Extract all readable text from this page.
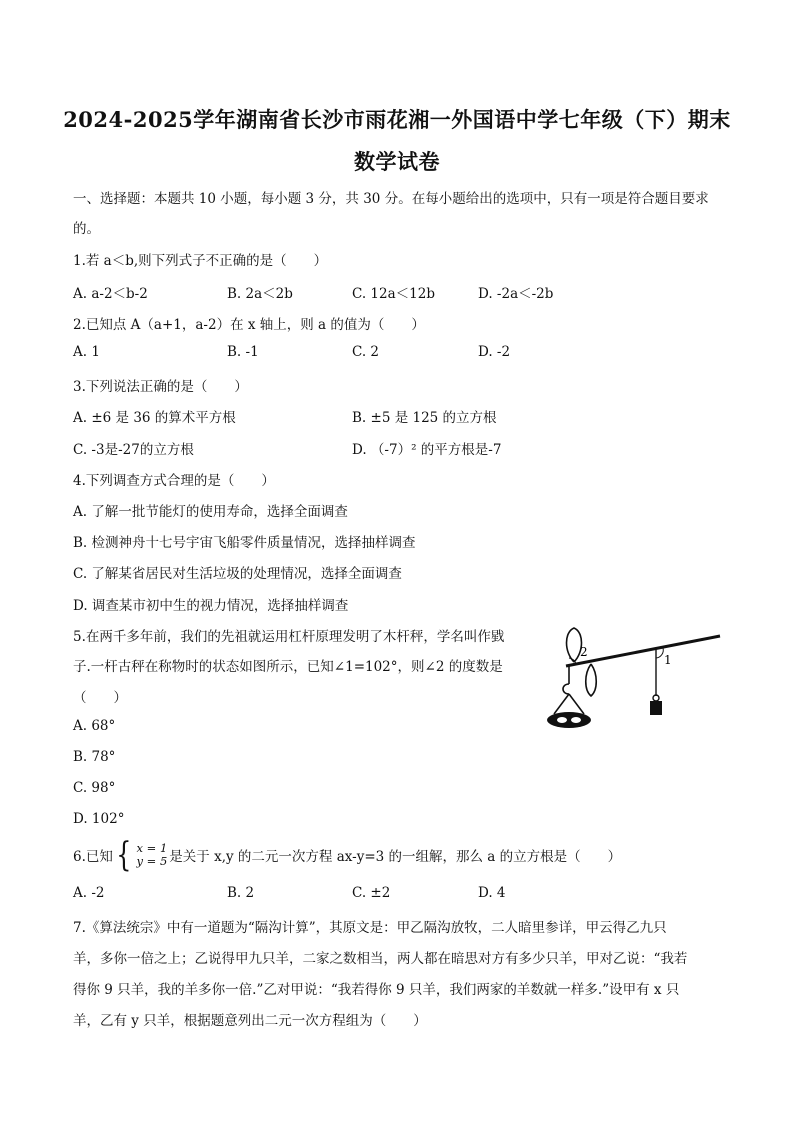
2024-2025学年湖南省长沙市雨花湘一外国语中学七年级（下）期末
数学试卷
一、选择题：本题共 10 小题，每小题 3 分，共 30 分。在每小题给出的选项中，只有一项是符合题目要求
的。
1.若 a＜b,则下列式子不正确的是（　　）
A. a-2＜b-2	B. 2a＜2b	C. 12a＜12b	D. -2a＜-2b
2.已知点 A（a+1，a-2）在 x 轴上，则 a 的值为（　　）
A. 1	B. -1	C. 2	D. -2
3.下列说法正确的是（　　）
A. ±6 是 36 的算术平方根	B. ±5 是 125 的立方根
C. -3是-27的立方根	D. （-7）² 的平方根是-7
4.下列调查方式合理的是（　　）
A. 了解一批节能灯的使用寿命，选择全面调查
B. 检测神舟十七号宇宙飞船零件质量情况，选择抽样调查
C. 了解某省居民对生活垃圾的处理情况，选择全面调查
D. 调查某市初中生的视力情况，选择抽样调查
5.在两千多年前，我们的先祖就运用杠杆原理发明了木杆秤，学名叫作戥
子.一杆古秤在称物时的状态如图所示，已知∠1=102°，则∠2 的度数是
（　　）
A. 68°
B. 78°
C. 98°
D. 102°
2
1
6.已知 { x = 1
y = 5 是关于 x,y 的二元一次方程 ax-y=3 的一组解，那么 a 的立方根是（　　）
A. -2	B. 2	C. ±2	D. 4
7.《算法统宗》中有一道题为“隔沟计算”，其原文是：甲乙隔沟放牧，二人暗里参详，甲云得乙九只
羊，多你一倍之上；乙说得甲九只羊，二家之数相当，两人都在暗思对方有多少只羊，甲对乙说：“我若
得你 9 只羊，我的羊多你一倍.”乙对甲说：“我若得你 9 只羊，我们两家的羊数就一样多.”设甲有 x 只
羊，乙有 y 只羊，根据题意列出二元一次方程组为（　　）
